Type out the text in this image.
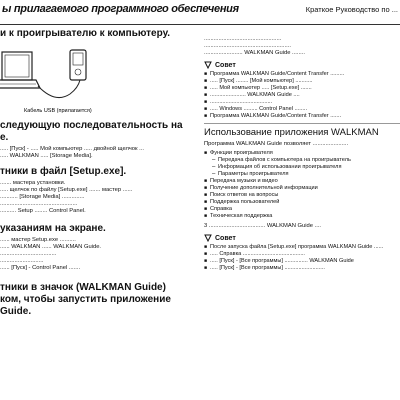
ы прилагаемого программного обеспечения	Краткое Руководство по ...
и к проигрывателю к компьютеру.
Кабель USB (прилагается)
следующую последовательность на
е.

..... [Пуск] - ..... Мой компьютер ..... двойной щелчок ...

..... WALKMAN ..... [Storage Media].

тники в файл [Setup.exe].

....... мастера установки.

..... щелчок по файлу [Setup.exe] ....... мастер ......

........... [Storage Media] ..............

................................................

.......... Setup ........ Control Panel.

указаниям на экране.

...... мастер Setup.exe ..........

...... WALKMAN ...... WALKMAN Guide.

...................................

...........................

...... [Пуск] - Control Panel .......

тники в значок (WALKMAN Guide)
ком, чтобы запустить приложение
Guide.

................................................

......................................................

........................ WALKMAN Guide ........

Совет
■ Программа WALKMAN Guide/Content Transfer .........
■ ..... [Пуск] ........ [Мой компьютер] ...........
■ ..... Мой компьютер ..... [Setup.exe] .......
■ ....................... WALKMAN Guide ....
■ ........................................
■ ..... Windows ......... Control Panel ........
■ Программа WALKMAN Guide/Content Transfer .......
Использование приложения WALKMAN
Программа WALKMAN Guide позволяет ......................
■ Функции проигрывателя
– Передача файлов с компьютера на проигрыватель
– Информация об использовании проигрывателя
– Параметры проигрывателя
■ Передача музыки и видео
■ Получение дополнительной информации
■ Поиск ответов на вопросы
■ Поддержка пользователей
■ Справка
■ Техническая поддержка
3 ................................... WALKMAN Guide ....
Совет
■ После запуска файла [Setup.exe] программа WALKMAN Guide ......
■ ..... Справка ........................................
■ ..... [Пуск] - [Все программы] ............... WALKMAN Guide
■ ..... [Пуск] - [Все программы] ..........................
